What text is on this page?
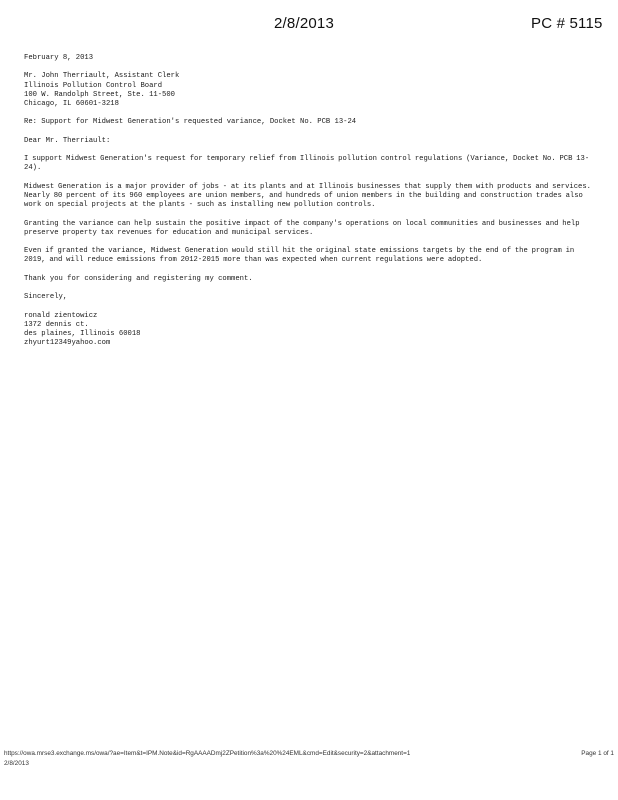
2/8/2013	PC # 5115
February 8, 2013
Mr. John Therriault, Assistant Clerk
Illinois Pollution Control Board
100 W. Randolph Street, Ste. 11-500
Chicago, IL 60601-3218
Re: Support for Midwest Generation's requested variance, Docket No. PCB 13-24
Dear Mr. Therriault:

I support Midwest Generation's request for temporary relief from Illinois pollution control regulations (Variance, Docket No. PCB 13-24).

Midwest Generation is a major provider of jobs - at its plants and at Illinois businesses that supply them with products and services. Nearly 80 percent of its 960 employees are union members, and hundreds of union members in the building and construction trades also work on special projects at the plants - such as installing new pollution controls.

Granting the variance can help sustain the positive impact of the company's operations on local communities and businesses and help preserve property tax revenues for education and municipal services.

Even if granted the variance, Midwest Generation would still hit the original state emissions targets by the end of the program in 2019, and will reduce emissions from 2012-2015 more than was expected when current regulations were adopted.

Thank you for considering and registering my comment.
Sincerely,
ronald zientowicz
1372 dennis ct.
des plaines, Illinois 60018
zhyurt12349yahoo.com
https://owa.mrse3.exchange.ms/owa/?ae=Item&t=IPM.Note&id=RgAAAADmj2ZPetition%3a%20%24EML&cmd=Edit&security=2&attachment=1	Page 1 of 1
2/8/2013
